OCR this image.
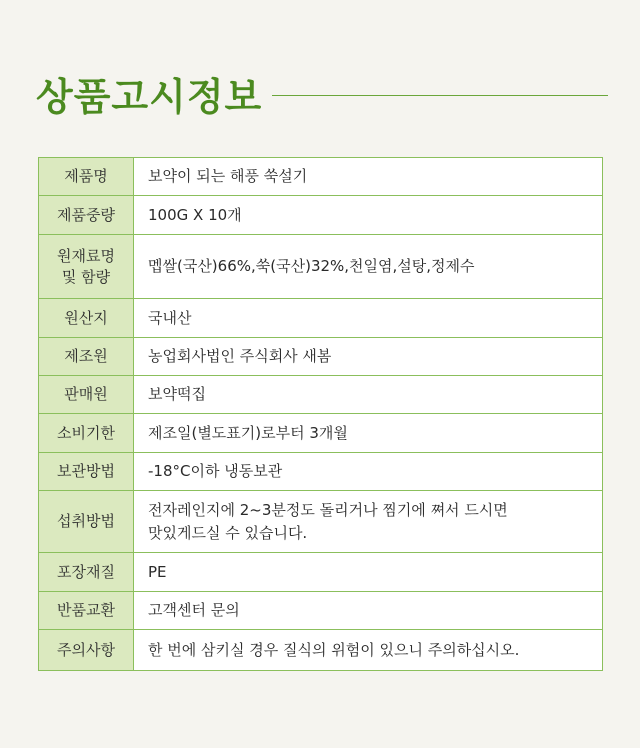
상품고시정보
제품명	보약이 되는 해풍 쑥설기

제품중량	100G X 10개

원재료명
및 함량	멥쌀(국산)66%,쑥(국산)32%,천일염,설탕,정제수

원산지	국내산

제조원	농업회사법인 주식회사 새봄

판매원	보약떡집

소비기한	제조일(별도표기)로부터 3개월

보관방법	-18°C이하 냉동보관

섭취방법	전자레인지에 2~3분정도 돌리거나 찜기에 쪄서 드시면
맛있게드실 수 있습니다.

포장재질	PE

반품교환	고객센터 문의

주의사항	한 번에 삼키실 경우 질식의 위험이 있으니 주의하십시오.
